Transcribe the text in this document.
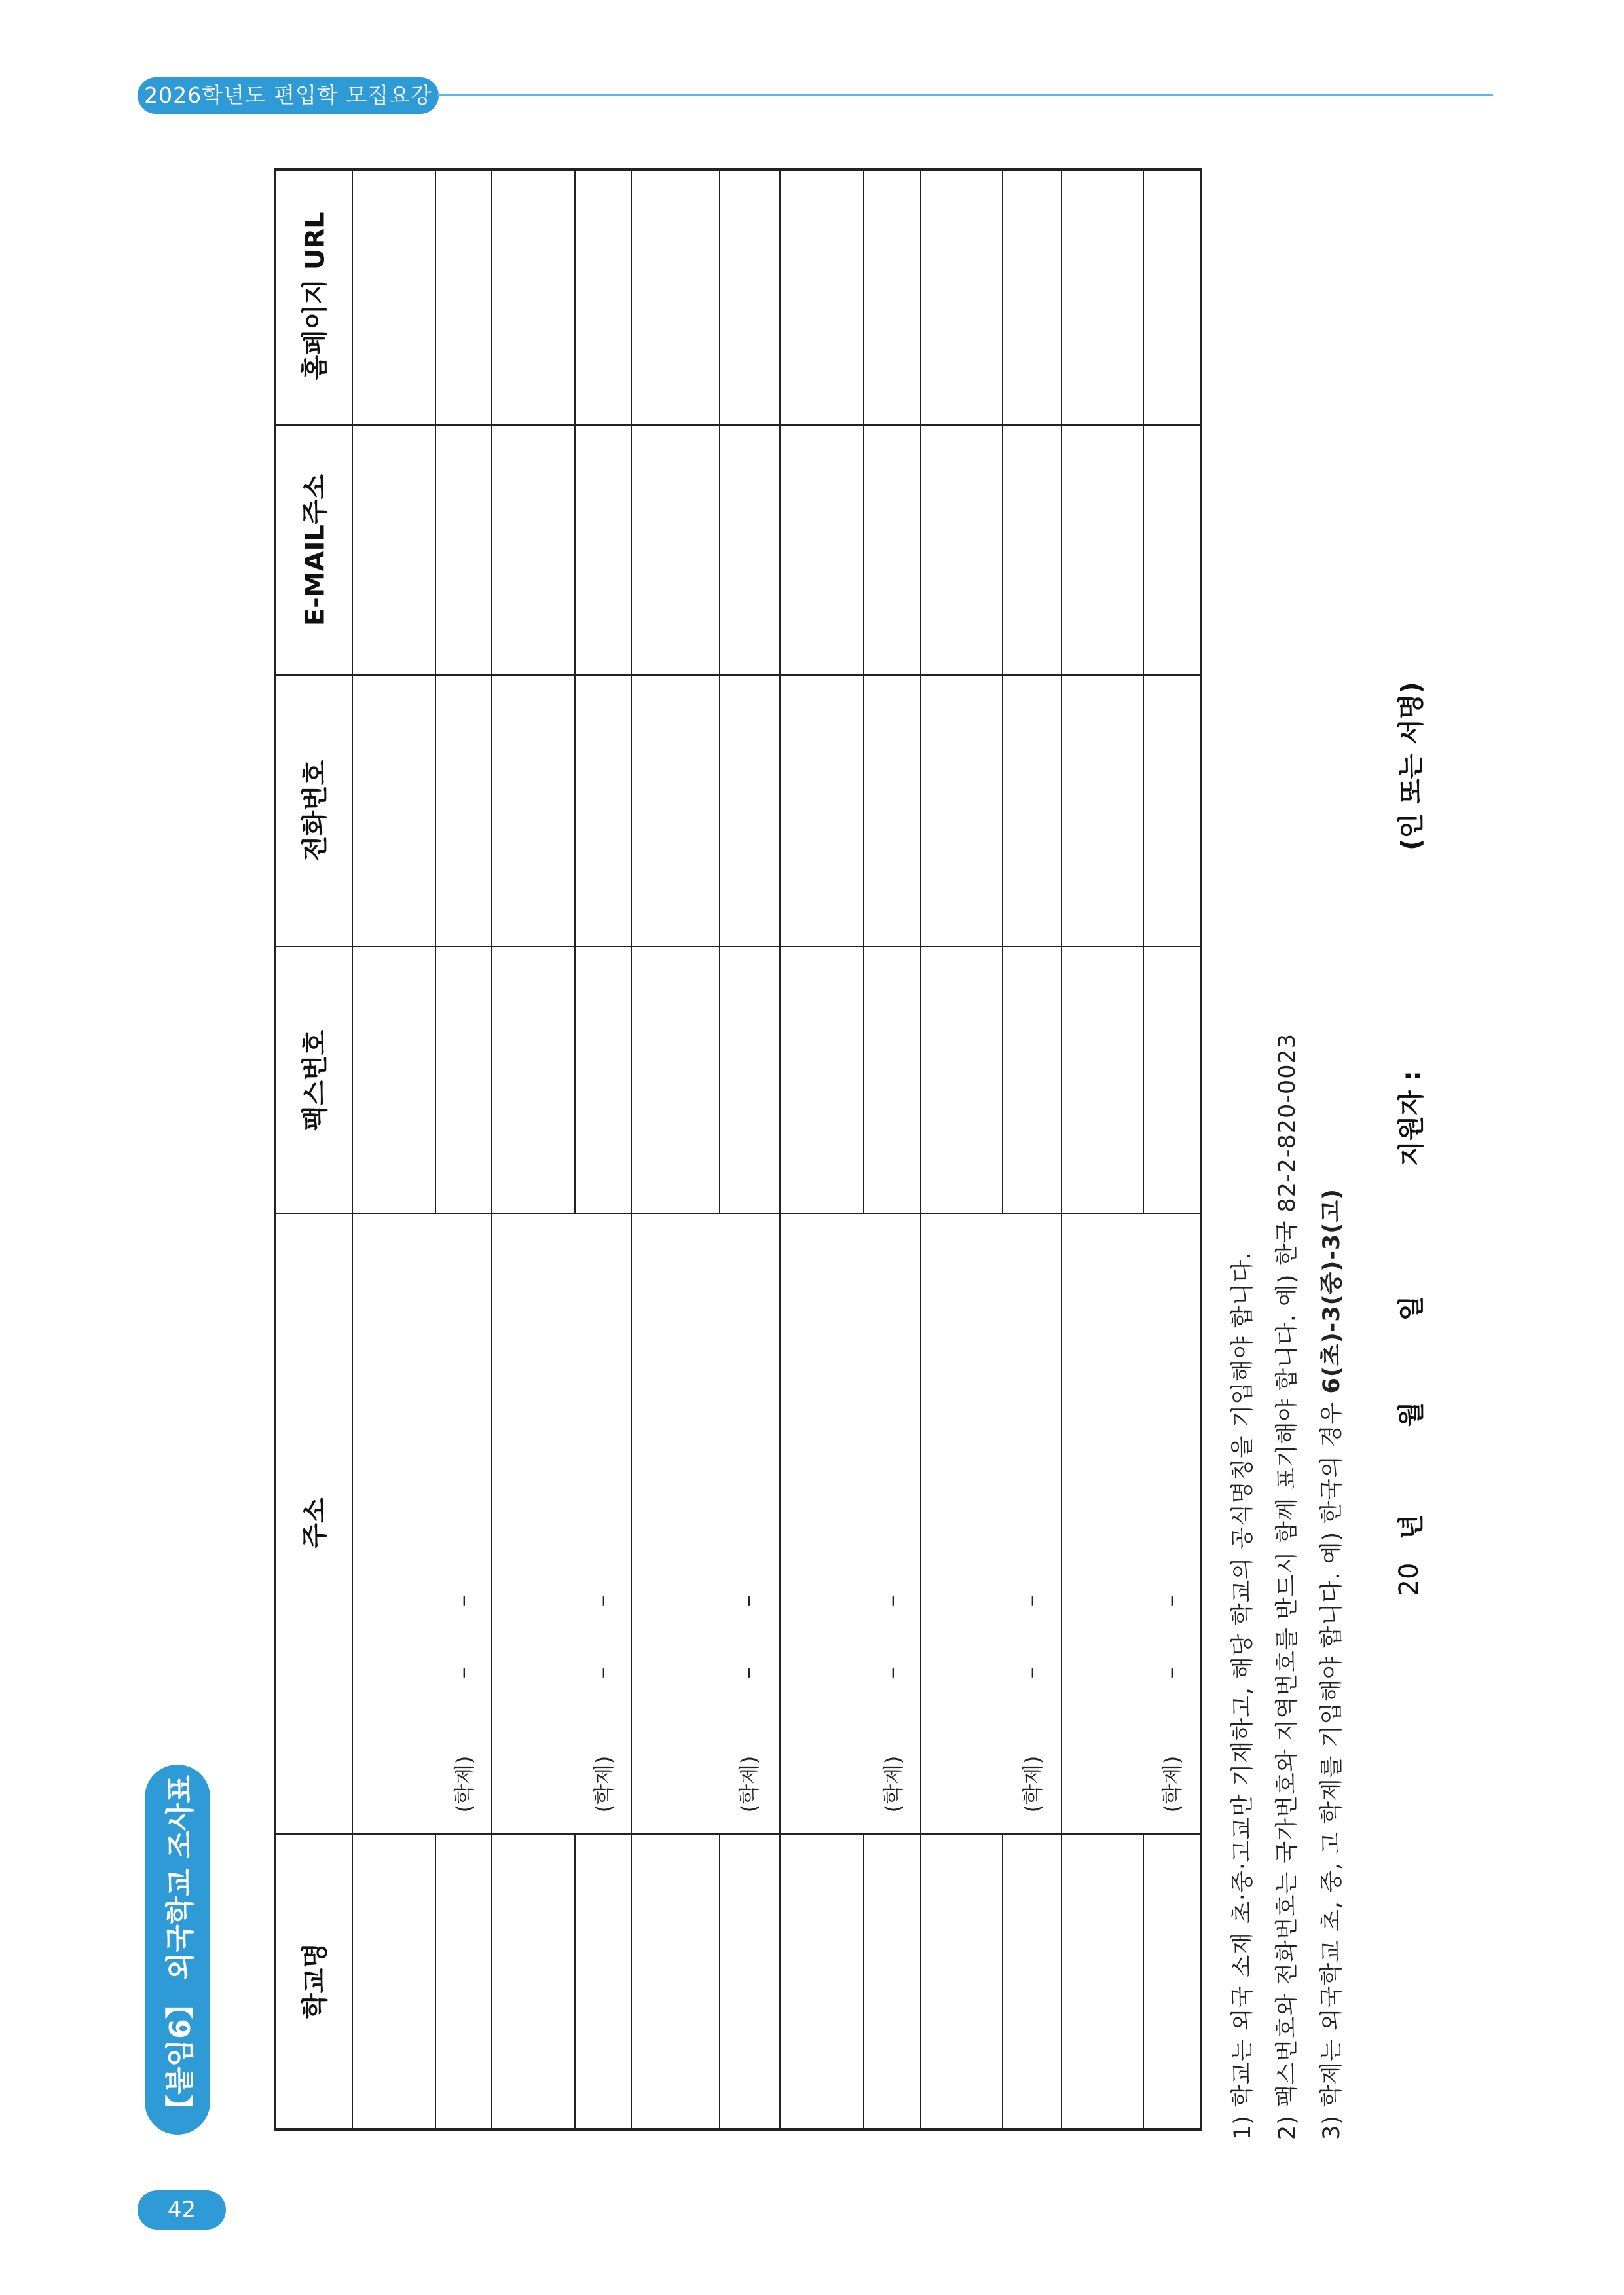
2026학년도 편입학 모집요강
【붙임6】 외국학교 조사표
42
홈페이지 URL
E-MAIL주소
전화번호
팩스번호
주소
학교명
(학제)
–
–
(학제)
–
–
(학제)
–
–
(학제)
–
–
(학제)
–
–
(학제)
–
– 1) 학교는 외국 소재 초·중·고교만 기재하고, 해당 학교의 공식명칭을 기입해야 합니다. 2) 팩스번호와 전화번호는 국가번호와 지역번호를 반드시 함께 표기해야 합니다. 예) 한국 82-2-820-0023 3) 학제는 외국학교 초, 중, 고 학제를 기입해야 합니다. 예) 한국의 경우 6(초)-3(중)-3(고)
20
년
월
일
지원자 :
(인 또는 서명)
